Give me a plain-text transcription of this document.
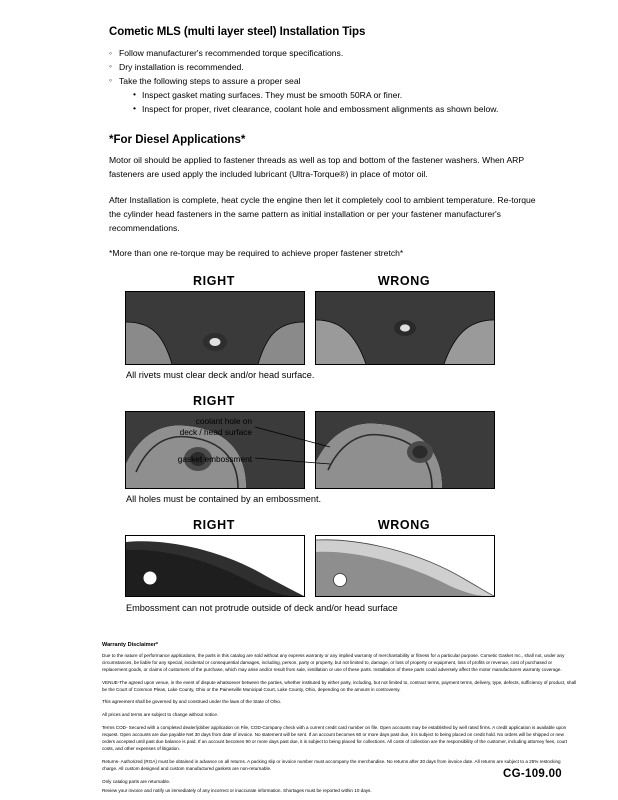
Cometic MLS (multi layer steel) Installation Tips
◦ Follow manufacturer's recommended torque specifications.
◦ Dry installation is recommended.
◦ Take the following steps to assure a proper seal
• Inspect gasket mating surfaces. They must be smooth 50RA or finer.
• Inspect for proper, rivet clearance, coolant hole and embossment alignments as shown below.
*For Diesel Applications*

Motor oil should be applied to fastener threads as well as top and bottom of the fastener washers. When ARP fasteners are used apply the included lubricant (Ultra-Torque®) in place of motor oil.

After Installation is complete, heat cycle the engine then let it completely cool to ambient temperature. Re-torque the cylinder head fasteners in the same pattern as initial installation or per your fastener manufacturer's recommendations.

*More than one re-torque may be required to achieve proper fastener stretch*

RIGHT	WRONG
All rivets must clear deck and/or head surface.
RIGHT

All holes must be contained by an embossment.
coolant hole on
deck / head surface
gasket embossment
RIGHT	WRONG
Embossment can not protrude outside of deck and/or head surface
Warranty Disclaimer*

Due to the nature of performance applications, the parts in this catalog are sold without any express warranty or any implied warranty of merchantability or fitness for a particular purpose. Cometic Gasket Inc., shall not, under any circumstances, be liable for any special, incidental or consequential damages, including, person, party or property, but not limited to, damage, or loss of property or equipment, loss of profits or revenue, cost of purchased or replacement goods, or claims of customers of the purchase, which may arise and/or result from sale, instillation or use of these parts. Installation of these parts could adversely affect the motor manufacturers warranty coverage.

VENUE-The agreed upon venue, in the event of dispute whatsoever between the parties, whether instituted by either party, including, but not limited to, contract terms, payment terms, delivery, type, defects, sufficiency of product, shall be the Court of Common Pleas, Lake County, Ohio or the Painesville Municipal Court, Lake County, Ohio, depending on the amount in controversy.

This agreement shall be governed by and construed under the laws of the State of Ohio.

All prices and terms are subject to change without notice.

Terms COD- Secured with a completed dealer/jobber application on File, COD-Company check with a current credit card number on file. Open accounts may be established by well rated firms. A credit application is available upon request. Open accounts are due payable Net 30 days from date of invoice. No statement will be sent. If an account becomes 60 or more days past due, it is subject to being placed on credit hold. No orders will be shipped or new orders accepted until past due balance is paid. If an account becomes 90 or more days past due, it is subject to being placed for collections. All costs of collection are the responsibility of the customer, including attorney fees, court costs, and other expenses of litigation.

Returns- Authorized (RGA) must be obtained in advance on all returns. A packing slip or invoice number must accompany the merchandise. No returns after 30 days from invoice date. All returns are subject to a 25% restocking charge. All custom designed and custom manufactured gaskets are non-returnable.

Only catalog parts are returnable.

Review your invoice and notify us immediately of any incorrect or inaccurate information. Shortages must be reported within 10 days.

CG-109.00
